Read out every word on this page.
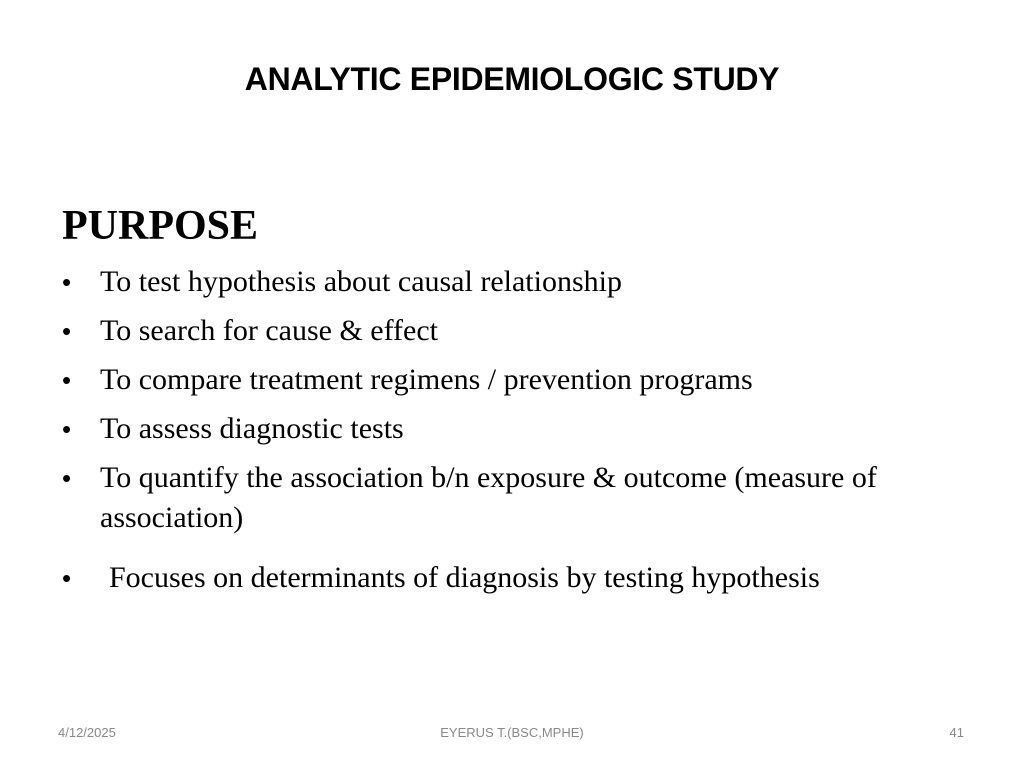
ANALYTIC EPIDEMIOLOGIC STUDY
PURPOSE
• To test hypothesis about causal relationship
• To search for cause & effect
• To compare treatment regimens / prevention programs
• To assess diagnostic tests
• To quantify the association b/n exposure & outcome (measure of association)
• Focuses on determinants of diagnosis by testing hypothesis
4/12/2025	EYERUS T.(BSC,MPHE)	41
